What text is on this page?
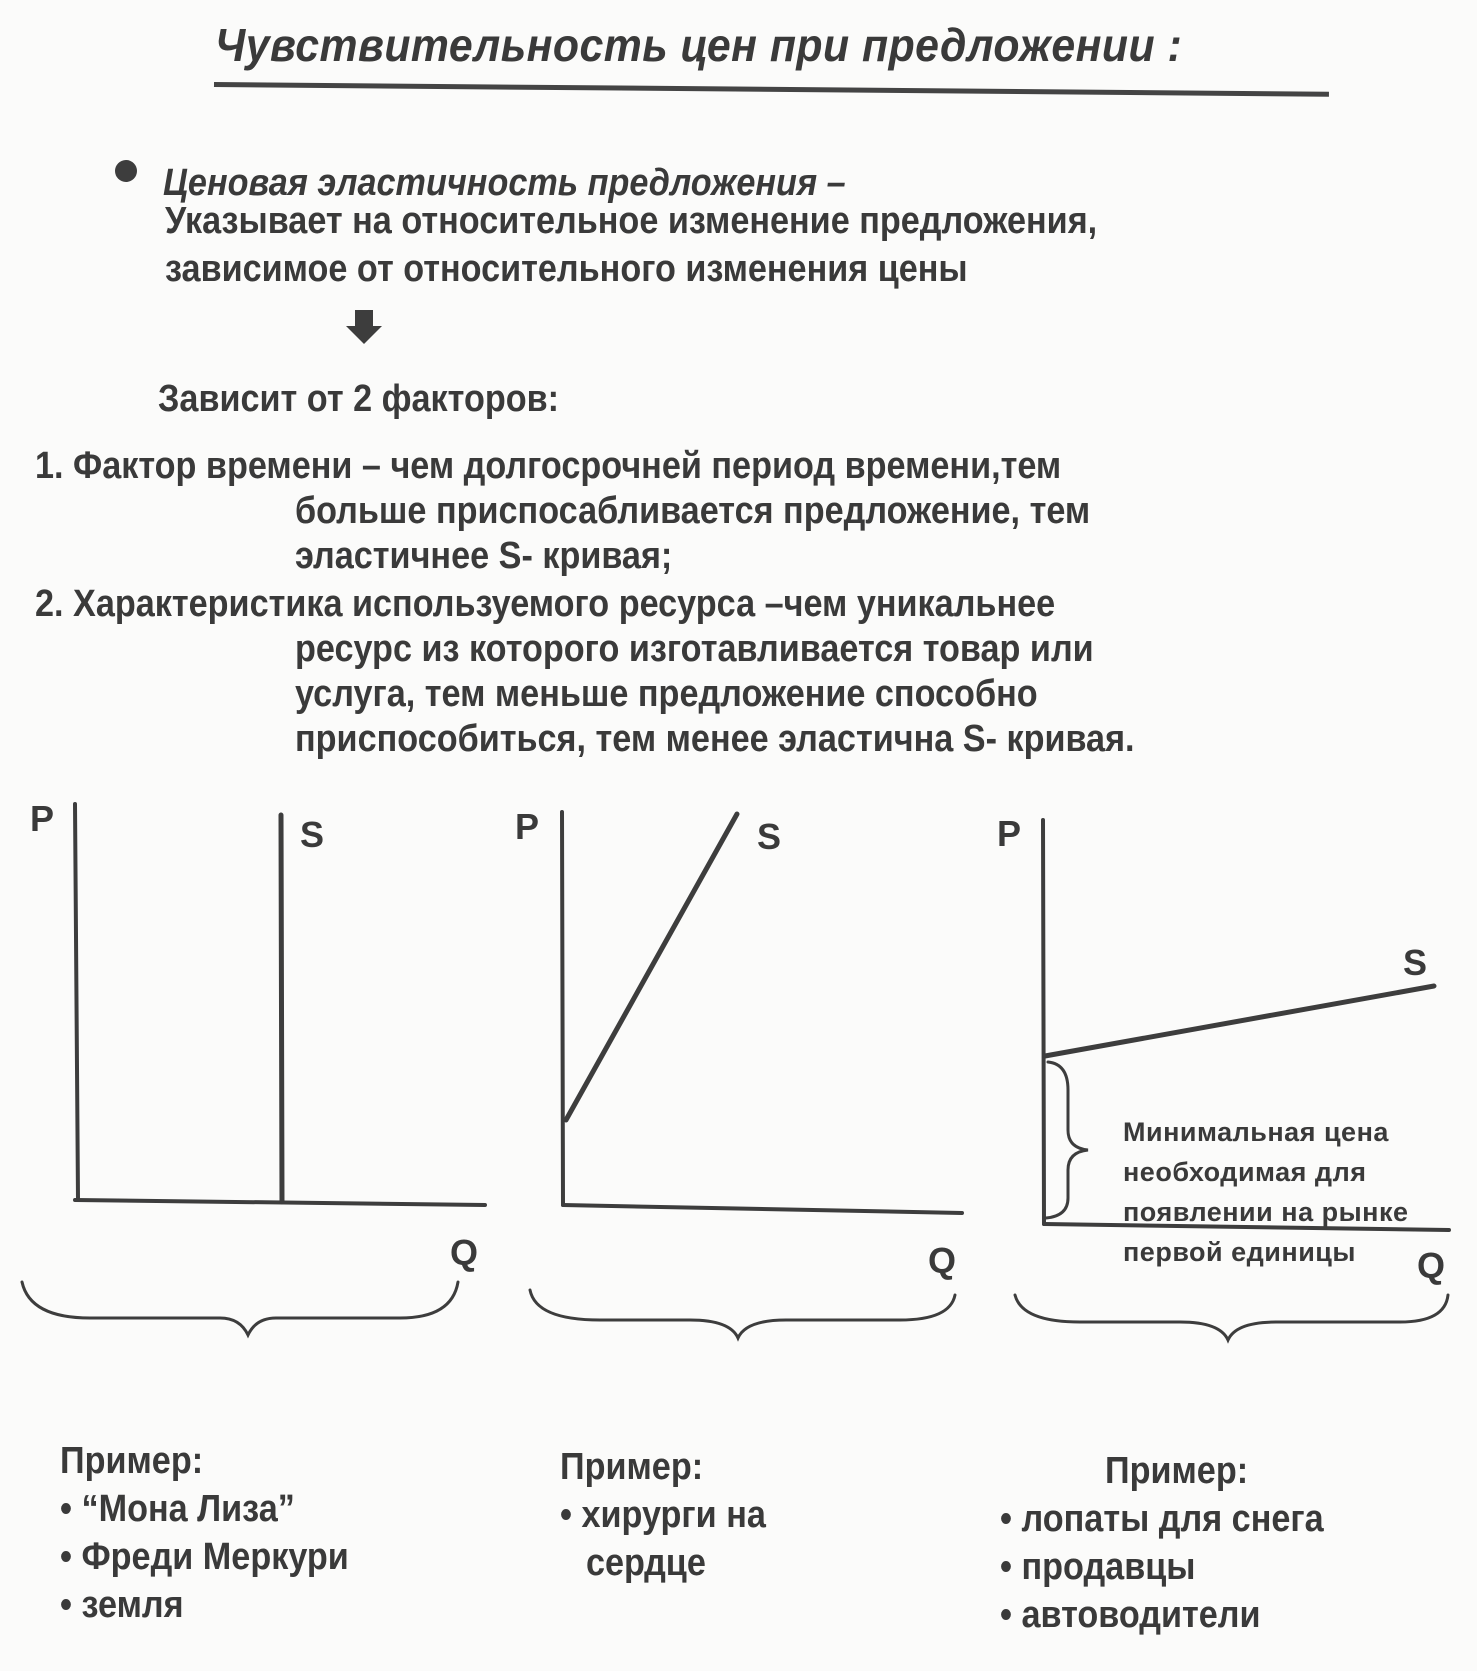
Чувствительность цен при предложении :
Ценовая эластичность предложения –
Указывает на относительное изменение предложения,
зависимое от относительного изменения цены
Зависит от 2 факторов:
1. Фактор времени – чем долгосрочней период времени,тем
больше приспосабливается предложение, тем
эластичнее S- кривая;
2. Характеристика используемого ресурса –чем уникальнее
ресурс из которого изготавливается товар или
услуга, тем меньше предложение способно
приспособиться, тем менее эластична S- кривая.
P	S
Q
P	S
Q
P
S
Q
Минимальная цена
необходимая для
появлении на рынке
первой единицы
Пример:
• “Мона Лиза”
• Фреди Меркури
• земля
Пример:
• хирурги на
сердце
Пример:
• лопаты для снега
• продавцы
• автоводители
